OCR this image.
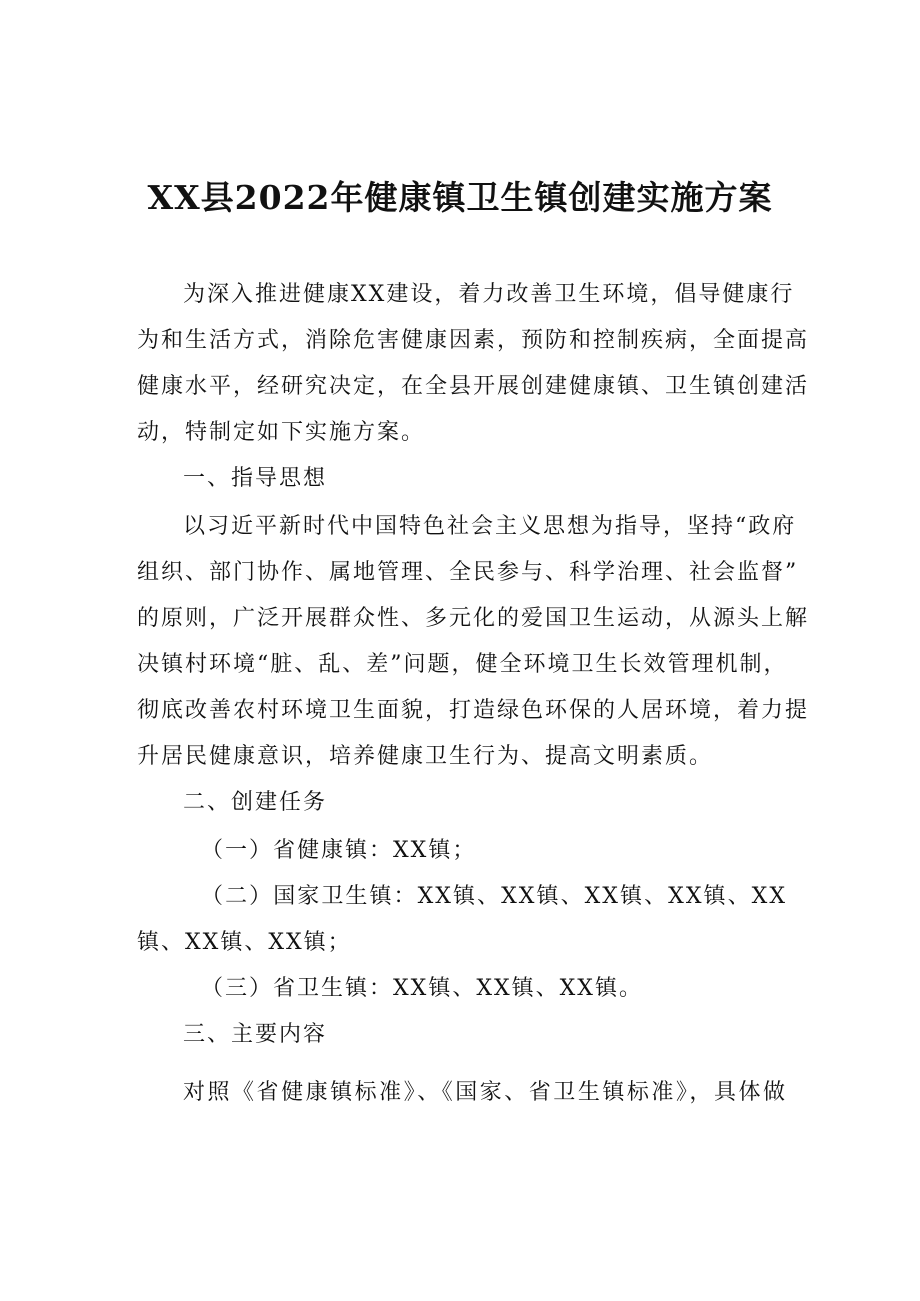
XX县2022年健康镇卫生镇创建实施方案
为深入推进健康XX建设，着力改善卫生环境，倡导健康行
为和生活方式，消除危害健康因素，预防和控制疾病，全面提高
健康水平，经研究决定，在全县开展创建健康镇、卫生镇创建活
动，特制定如下实施方案。
一、指导思想
以习近平新时代中国特色社会主义思想为指导，坚持“政府
组织、部门协作、属地管理、全民参与、科学治理、社会监督”
的原则，广泛开展群众性、多元化的爱国卫生运动，从源头上解
决镇村环境“脏、乱、差”问题，健全环境卫生长效管理机制，
彻底改善农村环境卫生面貌，打造绿色环保的人居环境，着力提
升居民健康意识，培养健康卫生行为、提高文明素质。
二、创建任务
（一）省健康镇：XX镇；
（二）国家卫生镇：XX镇、XX镇、XX镇、XX镇、XX
镇、XX镇、XX镇；
（三）省卫生镇：XX镇、XX镇、XX镇。
三、主要内容
对照《省健康镇标准》、《国家、省卫生镇标准》，具体做
